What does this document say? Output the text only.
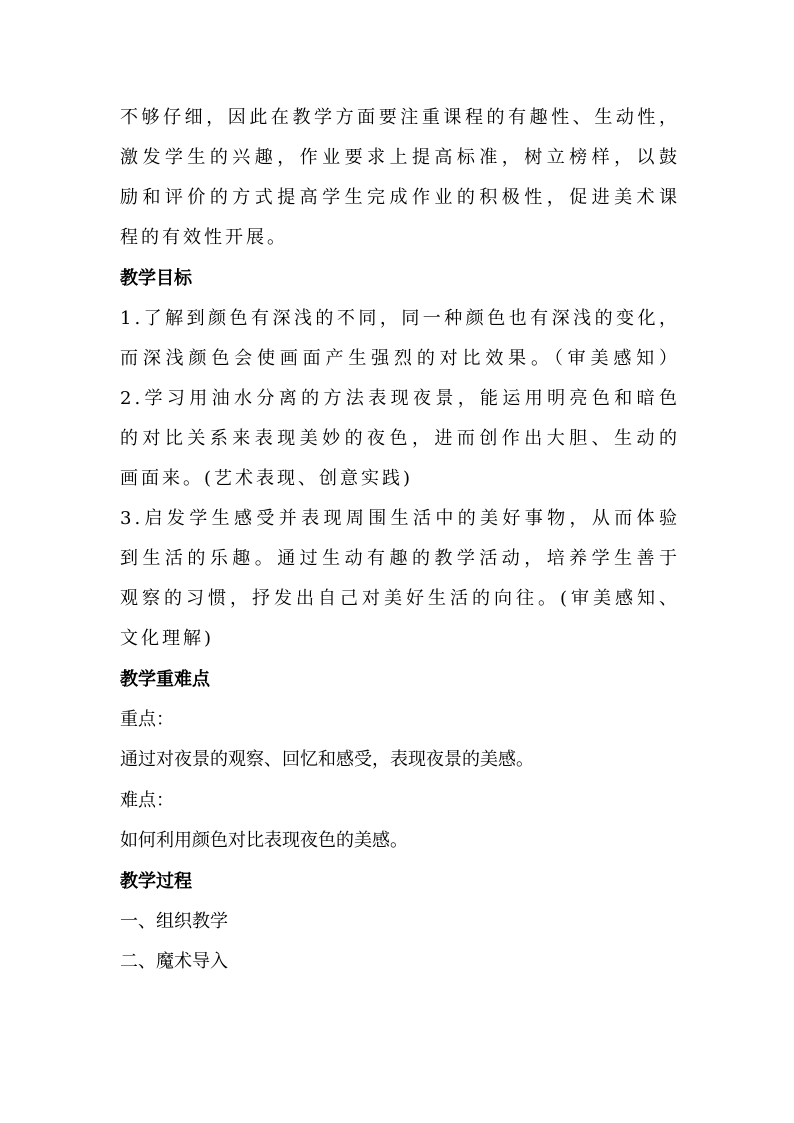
不够仔细，因此在教学方面要注重课程的有趣性、生动性，
激发学生的兴趣，作业要求上提高标准，树立榜样，以鼓
励和评价的方式提高学生完成作业的积极性，促进美术课
程的有效性开展。
教学目标
1.了解到颜色有深浅的不同，同一种颜色也有深浅的变化，
而深浅颜色会使画面产生强烈的对比效果。（审美感知）
2.学习用油水分离的方法表现夜景，能运用明亮色和暗色
的对比关系来表现美妙的夜色，进而创作出大胆、生动的
画面来。(艺术表现、创意实践)
3.启发学生感受并表现周围生活中的美好事物，从而体验
到生活的乐趣。通过生动有趣的教学活动，培养学生善于
观察的习惯，抒发出自己对美好生活的向往。(审美感知、
文化理解)
教学重难点
重点：
通过对夜景的观察、回忆和感受，表现夜景的美感。
难点：
如何利用颜色对比表现夜色的美感。
教学过程
一、组织教学
二、魔术导入
